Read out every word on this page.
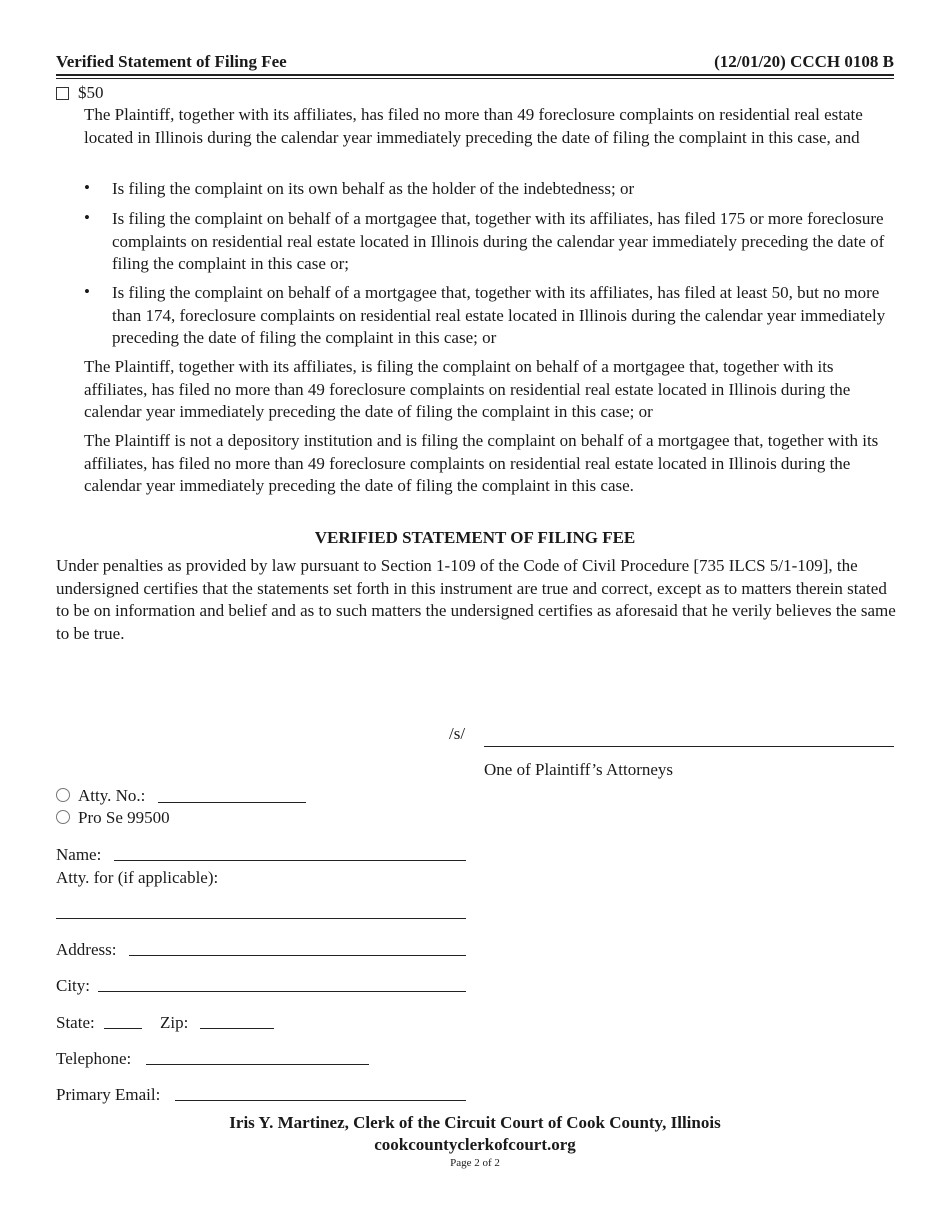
Verified Statement of Filing Fee	(12/01/20) CCCH 0108 B
$50
The Plaintiff, together with its affiliates, has filed no more than 49 foreclosure complaints on residential real estate located in Illinois during the calendar year immediately preceding the date of filing the complaint in this case, and
• Is filing the complaint on its own behalf as the holder of the indebtedness; or
• Is filing the complaint on behalf of a mortgagee that, together with its affiliates, has filed 175 or more foreclosure complaints on residential real estate located in Illinois during the calendar year immediately preceding the date of filing the complaint in this case or;
• Is filing the complaint on behalf of a mortgagee that, together with its affiliates, has filed at least 50, but no more than 174, foreclosure complaints on residential real estate located in Illinois during the calendar year immediately preceding the date of filing the complaint in this case; or
The Plaintiff, together with its affiliates, is filing the complaint on behalf of a mortgagee that, together with its affiliates, has filed no more than 49 foreclosure complaints on residential real estate located in Illinois during the calendar year immediately preceding the date of filing the complaint in this case; or
The Plaintiff is not a depository institution and is filing the complaint on behalf of a mortgagee that, together with its affiliates, has filed no more than 49 foreclosure complaints on residential real estate located in Illinois during the calendar year immediately preceding the date of filing the complaint in this case.
VERIFIED STATEMENT OF FILING FEE
Under penalties as provided by law pursuant to Section 1-109 of the Code of Civil Procedure [735 ILCS 5/1-109], the undersigned certifies that the statements set forth in this instrument are true and correct, except as to matters therein stated to be on information and belief and as to such matters the undersigned certifies as aforesaid that he verily believes the same to be true.
/s/
One of Plaintiff’s Attorneys
Atty. No.:
Pro Se 99500
Name:
Atty. for (if applicable):
Address:
City:
State:	Zip:
Telephone:
Primary Email:
Iris Y. Martinez, Clerk of the Circuit Court of Cook County, Illinois
cookcountyclerkofcourt.org
Page 2 of 2
